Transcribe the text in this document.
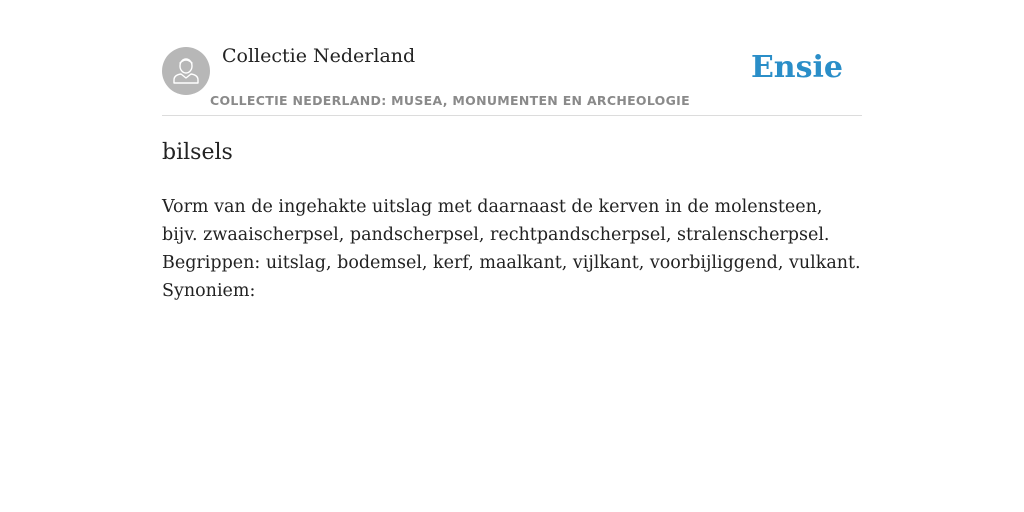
Collectie Nederland
COLLECTIE NEDERLAND: MUSEA, MONUMENTEN EN ARCHEOLOGIE
Ensie
bilsels
Vorm van de ingehakte uitslag met daarnaast de kerven in de molensteen, bijv. zwaaischerpsel, pandscherpsel, rechtpandscherpsel, stralenscherpsel. Begrippen: uitslag, bodemsel, kerf, maalkant, vijlkant, voorbijliggend, vulkant. Synoniem:
